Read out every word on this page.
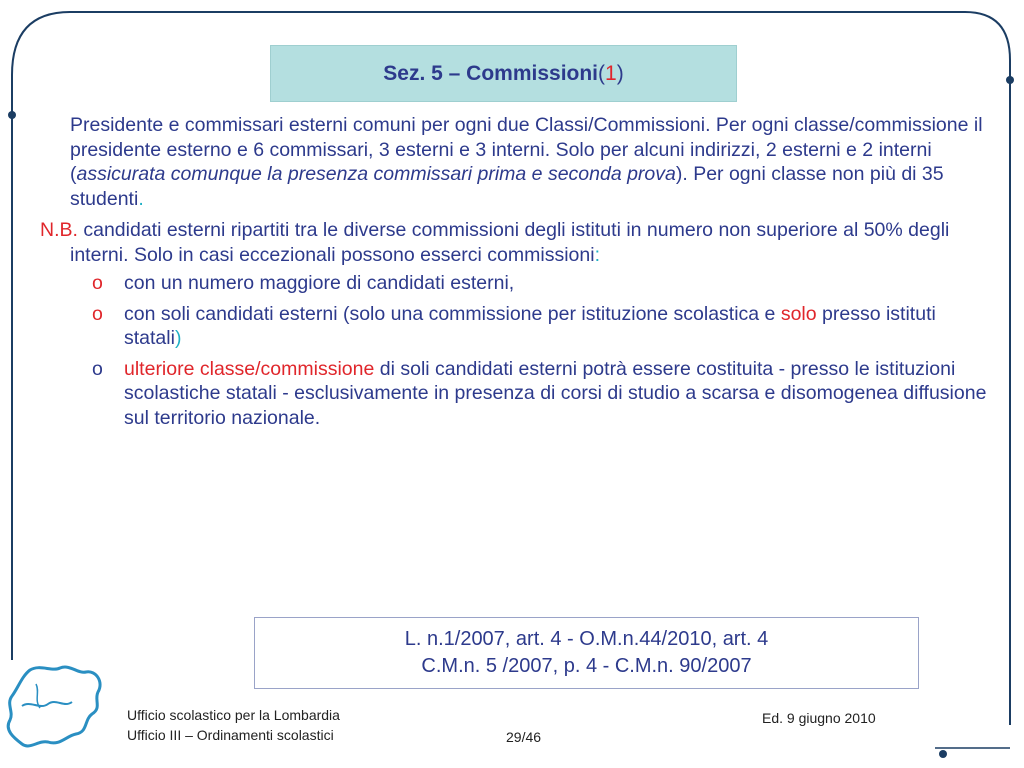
Sez. 5 – Commissioni ( 1 )
Presidente e commissari esterni comuni per ogni due Classi/Commissioni. Per ogni classe/commissione il presidente esterno e 6 commissari, 3 esterni e 3 interni. Solo per alcuni indirizzi, 2 esterni e 2 interni (assicurata comunque la presenza commissari prima e seconda prova). Per ogni classe non più di 35 studenti.
N.B. candidati esterni ripartiti tra le diverse commissioni degli istituti in numero non superiore al 50% degli interni. Solo in casi eccezionali possono esserci commissioni:
o con un numero maggiore di candidati esterni,
o con soli candidati esterni (solo una commissione per istituzione scolastica e solo presso istituti statali)
o ulteriore classe/commissione di soli candidati esterni potrà essere costituita - presso le istituzioni scolastiche statali - esclusivamente in presenza di corsi di studio a scarsa e disomogenea diffusione sul territorio nazionale.
L. n.1/2007, art. 4 - O.M.n.44/2010, art. 4
C.M.n. 5 /2007, p. 4 - C.M.n. 90/2007
Ufficio scolastico per la Lombardia
Ufficio III – Ordinamenti scolastici	29/46
Ed. 9 giugno 2010
